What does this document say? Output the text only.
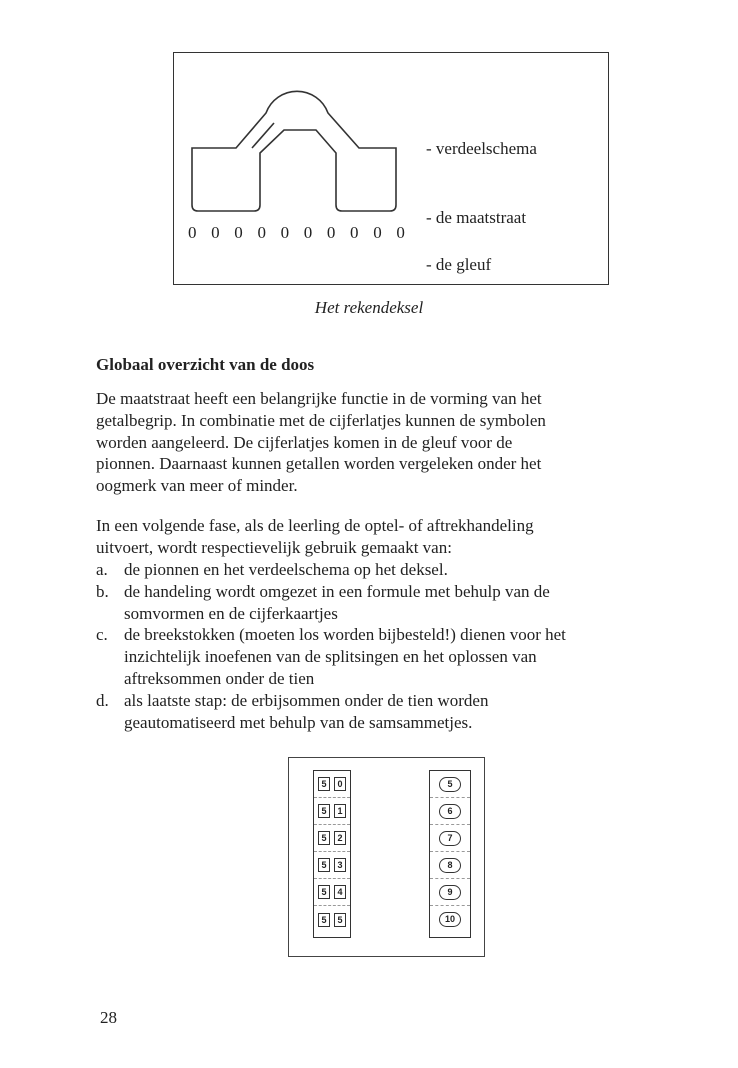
0 0 0 0 0 0 0 0 0 0
- verdeelschema
- de maatstraat
- de gleuf
Het rekendeksel
Globaal overzicht van de doos
De maatstraat heeft een belangrijke functie in de vorming van het
getalbegrip. In combinatie met de cijferlatjes kunnen de symbolen
worden aangeleerd. De cijferlatjes komen in de gleuf voor de
pionnen. Daarnaast kunnen getallen worden vergeleken onder het
oogmerk van meer of minder.
In een volgende fase, als de leerling de optel- of aftrekhandeling
uitvoert, wordt respectievelijk gebruik gemaakt van:
a. de pionnen en het verdeelschema op het deksel.
b. de handeling wordt omgezet in een formule met behulp van de
somvormen en de cijferkaartjes
c. de breekstokken (moeten los worden bijbesteld!) dienen voor het
inzichtelijk inoefenen van de splitsingen en het oplossen van
aftreksommen onder de tien
d. als laatste stap: de erbijsommen onder de tien worden
geautomatiseerd met behulp van de samsammetjes.
5	0
5	1
5	2
5	3
5	4
5	5
5
6
7
8
9
10
28
